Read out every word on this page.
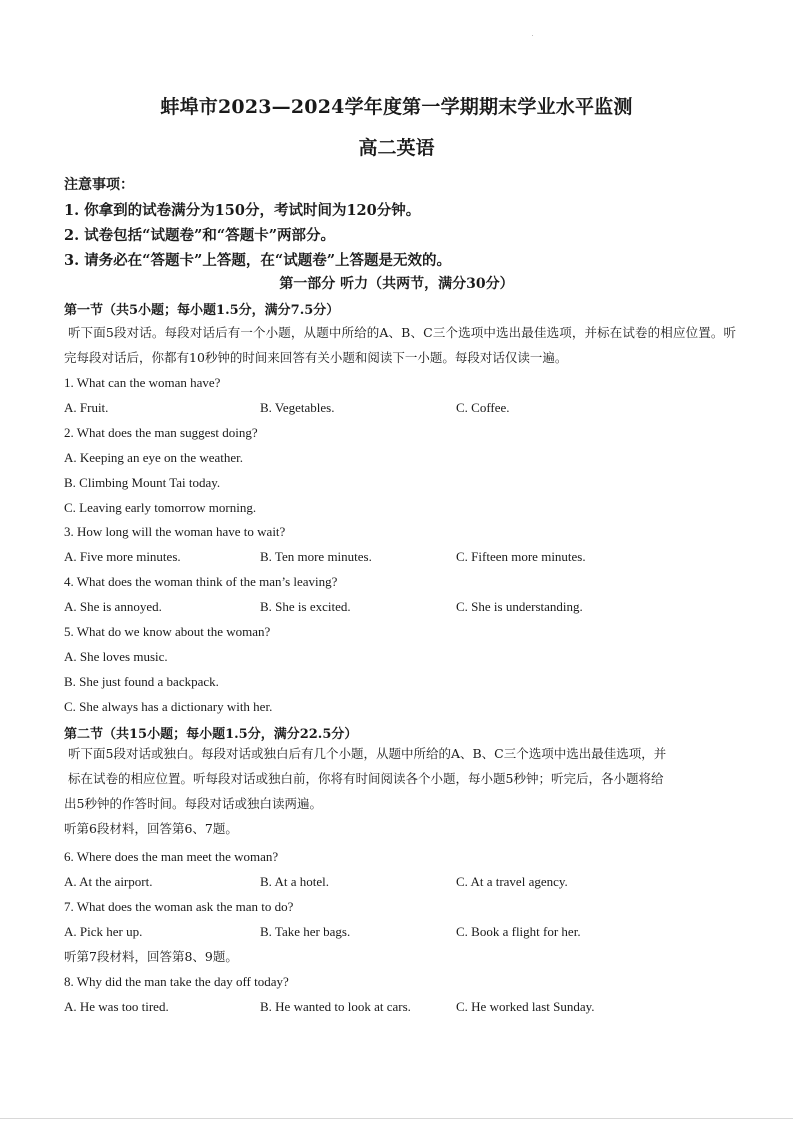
蚌埠市2023—2024学年度第一学期期末学业水平监测
高二英语
注意事项：
1. 你拿到的试卷满分为150分，考试时间为120分钟。
2. 试卷包括“试题卷”和“答题卡”两部分。
3. 请务必在“答题卡”上答题，在“试题卷”上答题是无效的。
第一部分 听力（共两节，满分30分）
第一节（共5小题；每小题1.5分，满分7.5分）
听下面5段对话。每段对话后有一个小题，从题中所给的A、B、C三个选项中选出最佳选项，并标在试卷的相应位置。听完每段对话后，你都有10秒钟的时间来回答有关小题和阅读下一小题。每段对话仅读一遍。
1. What can the woman have?
A. Fruit.	B. Vegetables.	C. Coffee.
2. What does the man suggest doing?
A. Keeping an eye on the weather.
B. Climbing Mount Tai today.
C. Leaving early tomorrow morning.
3. How long will the woman have to wait?
A. Five more minutes.	B. Ten more minutes.	C. Fifteen more minutes.
4. What does the woman think of the man’s leaving?
A. She is annoyed.	B. She is excited.	C. She is understanding.
5. What do we know about the woman?
A. She loves music.
B. She just found a backpack.
C. She always has a dictionary with her.
第二节（共15小题；每小题1.5分，满分22.5分）
听下面5段对话或独白。每段对话或独白后有几个小题，从题中所给的A、B、C三个选项中选出最佳选项，并
标在试卷的相应位置。听每段对话或独白前，你将有时间阅读各个小题，每小题5秒钟；听完后，各小题将给
出5秒钟的作答时间。每段对话或独白读两遍。
听第6段材料，回答第6、7题。
6. Where does the man meet the woman?
A. At the airport.	B. At a hotel.	C. At a travel agency.
7. What does the woman ask the man to do?
A. Pick her up.	B. Take her bags.	C. Book a flight for her.
听第7段材料，回答第8、9题。
8. Why did the man take the day off today?
A. He was too tired.	B. He wanted to look at cars.	C. He worked last Sunday.
